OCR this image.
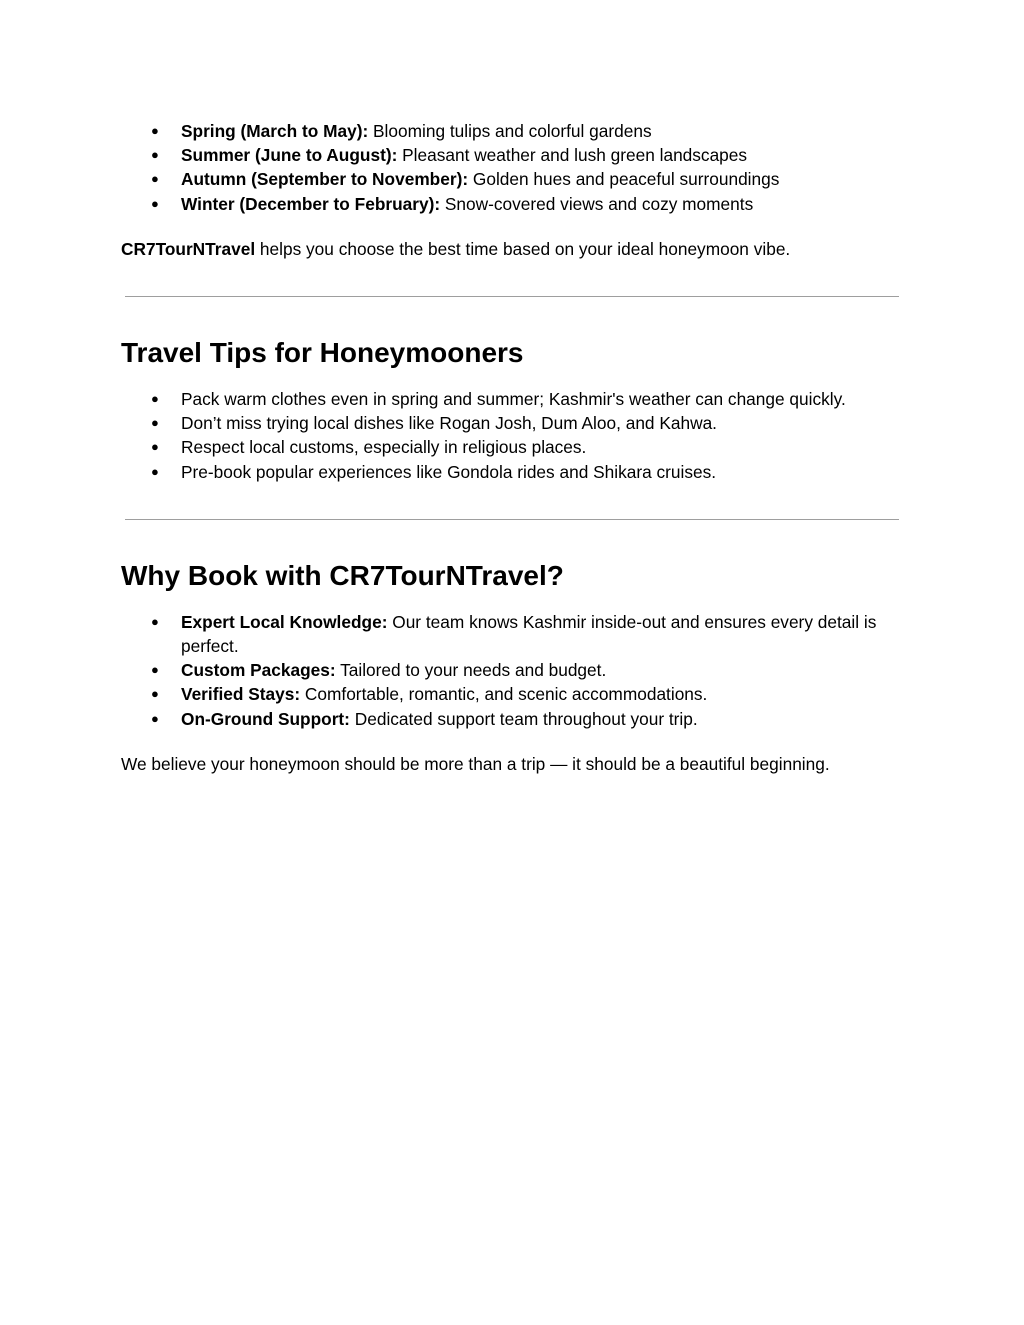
● Spring (March to May): Blooming tulips and colorful gardens
● Summer (June to August): Pleasant weather and lush green landscapes
● Autumn (September to November): Golden hues and peaceful surroundings
● Winter (December to February): Snow-covered views and cozy moments

CR7TourNTravel helps you choose the best time based on your ideal honeymoon vibe.

Travel Tips for Honeymooners
● Pack warm clothes even in spring and summer; Kashmir's weather can change quickly.
● Don’t miss trying local dishes like Rogan Josh, Dum Aloo, and Kahwa.
● Respect local customs, especially in religious places.
● Pre-book popular experiences like Gondola rides and Shikara cruises.
Why Book with CR7TourNTravel?
● Expert Local Knowledge: Our team knows Kashmir inside-out and ensures every detail is perfect.
● Custom Packages: Tailored to your needs and budget.
● Verified Stays: Comfortable, romantic, and scenic accommodations.
● On-Ground Support: Dedicated support team throughout your trip.

We believe your honeymoon should be more than a trip — it should be a beautiful beginning.
